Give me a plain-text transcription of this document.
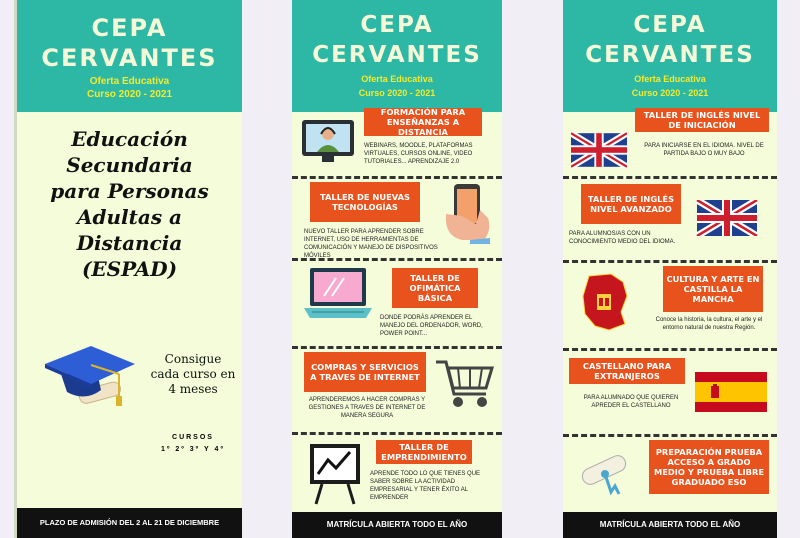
CEPA
CERVANTES
Oferta Educativa
Curso 2020 - 2021
Educación
Secundaria
para Personas
Adultas a
Distancia
(ESPAD)
Consigue
cada curso en
4 meses
CURSOS
1º 2º 3º Y 4º
PLAZO DE ADMISIÓN DEL 2 AL 21 DE DICIEMBRE
CEPA
CERVANTES
Oferta Educativa
Curso 2020 - 2021
FORMACIÓN PARA ENSEÑANZAS A DISTANCIA
WEBINARS, MOODLE, PLATAFORMAS VIRTUALES, CURSOS ONLINE, VIDEO TUTORIALES... APRENDIZAJE 2.0
TALLER DE NUEVAS TECNOLOGÍAS
NUEVO TALLER PARA APRENDER SOBRE INTERNET, USO DE HERRAMIENTAS DE COMUNICACIÓN Y MANEJO DE DISPOSITIVOS MÓVILES
TALLER DE OFIMÁTICA BÁSICA
DONDE PODRÁS APRENDER EL MANEJO DEL ORDENADOR, WORD, POWER POINT...
COMPRAS Y SERVICIOS A TRAVES DE INTERNET
APRENDEREMOS A HACER COMPRAS Y GESTIONES A TRAVES DE INTERNET DE MANERA SEGURA
TALLER DE EMPRENDIMIENTO
APRENDE TODO LO QUE TIENES QUE SABER SOBRE LA ACTIVIDAD EMPRESARIAL Y TENER ÉXITO AL EMPRENDER
MATRÍCULA ABIERTA TODO EL AÑO
CEPA
CERVANTES
Oferta Educativa
Curso 2020 - 2021
TALLER DE INGLÉS NIVEL DE INICIACIÓN
PARA INICIARSE EN EL IDIOMA. NIVEL DE PARTIDA BAJO O MUY BAJO
TALLER DE INGLÉS NIVEL AVANZADO
PARA ALUMNOS/AS CON UN CONOCIMIENTO MEDIO DEL IDIOMA.
CULTURA Y ARTE EN CASTILLA LA MANCHA
Conoce la historia, la cultura, el arte y el entorno natural de nuestra Región.
CASTELLANO PARA EXTRANJEROS
PARA ALUMNADO QUE QUIEREN APREDER EL CASTELLANO
PREPARACIÓN PRUEBA ACCESO A GRADO MEDIO Y PRUEBA LIBRE GRADUADO ESO
MATRÍCULA ABIERTA TODO EL AÑO
